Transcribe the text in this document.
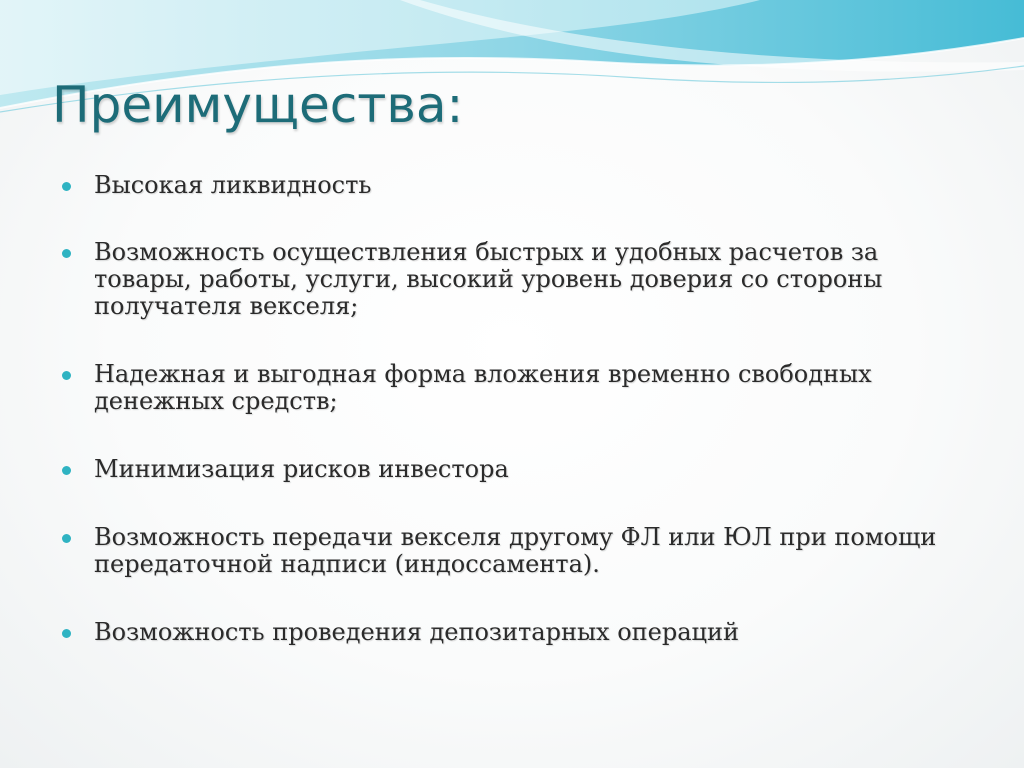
Преимущества:
Высокая ликвидность
Возможность осуществления быстрых и удобных расчетов за товары, работы, услуги, высокий уровень доверия со стороны получателя векселя;
Надежная и выгодная форма вложения временно свободных денежных средств;
Минимизация рисков инвестора
Возможность передачи векселя другому ФЛ или ЮЛ при помощи передаточной надписи (индоссамента).
Возможность проведения депозитарных операций
